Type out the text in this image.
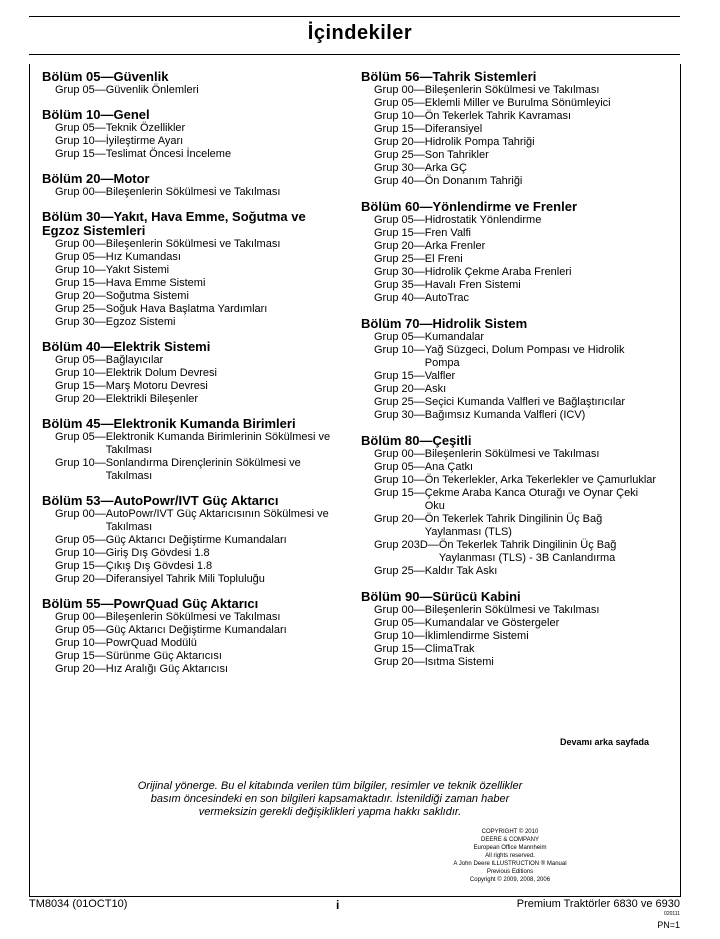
İçindekiler
Bölüm 05—Güvenlik
Grup 05— Güvenlik Önlemleri
Bölüm 10—Genel
Grup 05— Teknik Özellikler
Grup 10— İyileştirme Ayarı
Grup 15— Teslimat Öncesi İnceleme
Bölüm 20—Motor
Grup 00— Bileşenlerin Sökülmesi ve Takılması
Bölüm 30—Yakıt, Hava Emme, Soğutma ve Egzoz Sistemleri
Grup 00— Bileşenlerin Sökülmesi ve Takılması
Grup 05— Hız Kumandası
Grup 10— Yakıt Sistemi
Grup 15— Hava Emme Sistemi
Grup 20— Soğutma Sistemi
Grup 25— Soğuk Hava Başlatma Yardımları
Grup 30— Egzoz Sistemi
Bölüm 40—Elektrik Sistemi
Grup 05— Bağlayıcılar
Grup 10— Elektrik Dolum Devresi
Grup 15— Marş Motoru Devresi
Grup 20— Elektrikli Bileşenler
Bölüm 45—Elektronik Kumanda Birimleri
Grup 05— Elektronik Kumanda Birimlerinin Sökülmesi ve Takılması
Grup 10— Sonlandırma Dirençlerinin Sökülmesi ve Takılması
Bölüm 53—AutoPowr/IVT Güç Aktarıcı
Grup 00— AutoPowr/IVT Güç Aktarıcısının Sökülmesi ve Takılması
Grup 05— Güç Aktarıcı Değiştirme Kumandaları
Grup 10— Giriş Dış Gövdesi 1.8
Grup 15— Çıkış Dış Gövdesi 1.8
Grup 20— Diferansiyel Tahrik Mili Topluluğu
Bölüm 55—PowrQuad Güç Aktarıcı
Grup 00— Bileşenlerin Sökülmesi ve Takılması
Grup 05— Güç Aktarıcı Değiştirme Kumandaları
Grup 10— PowrQuad Modülü
Grup 15— Sürünme Güç Aktarıcısı
Grup 20— Hız Aralığı Güç Aktarıcısı
Bölüm 56—Tahrik Sistemleri
Grup 00— Bileşenlerin Sökülmesi ve Takılması
Grup 05— Eklemli Miller ve Burulma Sönümleyici
Grup 10— Ön Tekerlek Tahrik Kavraması
Grup 15— Diferansiyel
Grup 20— Hidrolik Pompa Tahriği
Grup 25— Son Tahrikler
Grup 30— Arka GÇ
Grup 40— Ön Donanım Tahriği
Bölüm 60—Yönlendirme ve Frenler
Grup 05— Hidrostatik Yönlendirme
Grup 15— Fren Valfi
Grup 20— Arka Frenler
Grup 25— El Freni
Grup 30— Hidrolik Çekme Araba Frenleri
Grup 35— Havalı Fren Sistemi
Grup 40— AutoTrac
Bölüm 70—Hidrolik Sistem
Grup 05— Kumandalar
Grup 10— Yağ Süzgeci, Dolum Pompası ve Hidrolik Pompa
Grup 15— Valfler
Grup 20— Askı
Grup 25— Seçici Kumanda Valfleri ve Bağlaştırıcılar
Grup 30— Bağımsız Kumanda Valfleri (ICV)
Bölüm 80—Çeşitli
Grup 00— Bileşenlerin Sökülmesi ve Takılması
Grup 05— Ana Çatkı
Grup 10— Ön Tekerlekler, Arka Tekerlekler ve Çamurluklar
Grup 15— Çekme Araba Kanca Oturağı ve Oynar Çeki Oku
Grup 20— Ön Tekerlek Tahrik Dingilinin Üç Bağ Yaylanması (TLS)
Grup 203D— Ön Tekerlek Tahrik Dingilinin Üç Bağ Yaylanması (TLS) - 3B Canlandırma
Grup 25— Kaldır Tak Askı
Bölüm 90—Sürücü Kabini
Grup 00— Bileşenlerin Sökülmesi ve Takılması
Grup 05— Kumandalar ve Göstergeler
Grup 10— İklimlendirme Sistemi
Grup 15— ClimaTrak
Grup 20— Isıtma Sistemi
Devamı arka sayfada
Orijinal yönerge. Bu el kitabında verilen tüm bilgiler, resimler ve teknik özellikler basım öncesindeki en son bilgileri kapsamaktadır. İstenildiği zaman haber vermeksizin gerekli değişiklikleri yapma hakkı saklıdır.
COPYRIGHT © 2010
DEERE & COMPANY
European Office Mannheim
All rights reserved.
A John Deere ILLUSTRUCTION ® Manual
Previous Editions
Copyright © 2009, 2008, 2006
TM8034 (01OCT10)	i	Premium Traktörler 6830 ve 6930
020111
PN=1
